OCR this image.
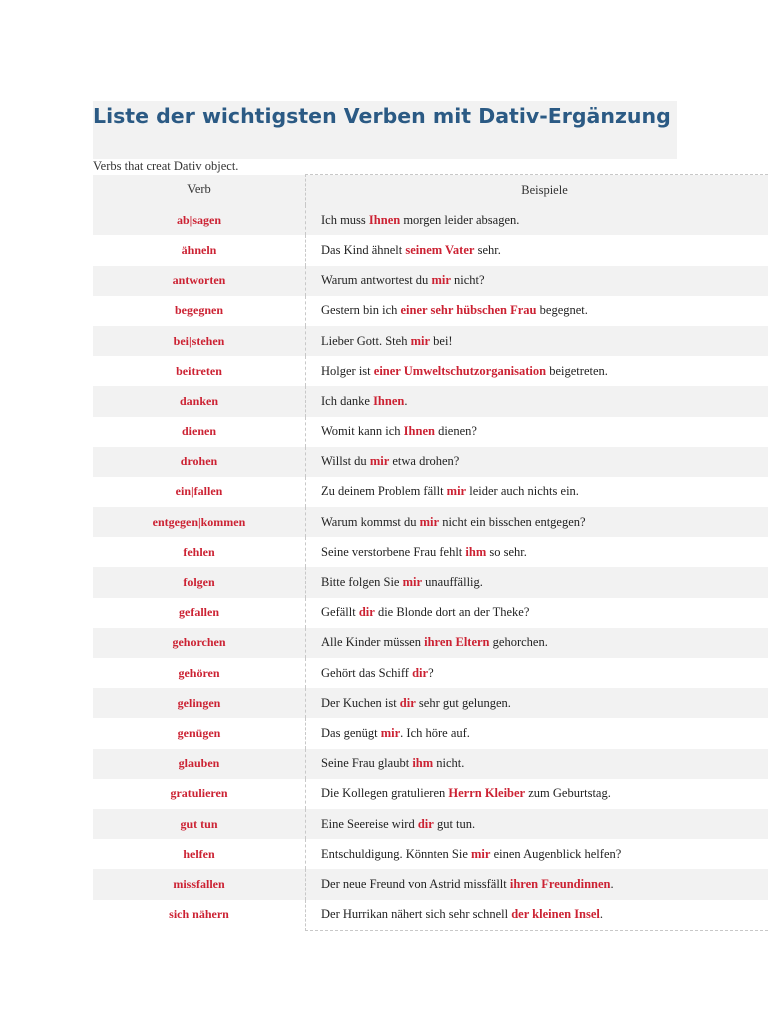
Liste der wichtigsten Verben mit Dativ-Ergänzung
Verbs that creat Dativ object.
Verb	Beispiele
ab|sagen	Ich muss Ihnen morgen leider absagen.
ähneln	Das Kind ähnelt seinem Vater sehr.
antworten	Warum antwortest du mir nicht?
begegnen	Gestern bin ich einer sehr hübschen Frau begegnet.
bei|stehen	Lieber Gott. Steh mir bei!
beitreten	Holger ist einer Umweltschutzorganisation beigetreten.
danken	Ich danke Ihnen.
dienen	Womit kann ich Ihnen dienen?
drohen	Willst du mir etwa drohen?
ein|fallen	Zu deinem Problem fällt mir leider auch nichts ein.
entgegen|kommen	Warum kommst du mir nicht ein bisschen entgegen?
fehlen	Seine verstorbene Frau fehlt ihm so sehr.
folgen	Bitte folgen Sie mir unauffällig.
gefallen	Gefällt dir die Blonde dort an der Theke?
gehorchen	Alle Kinder müssen ihren Eltern gehorchen.
gehören	Gehört das Schiff dir?
gelingen	Der Kuchen ist dir sehr gut gelungen.
genügen	Das genügt mir. Ich höre auf.
glauben	Seine Frau glaubt ihm nicht.
gratulieren	Die Kollegen gratulieren Herrn Kleiber zum Geburtstag.
gut tun	Eine Seereise wird dir gut tun.
helfen	Entschuldigung. Könnten Sie mir einen Augenblick helfen?
missfallen	Der neue Freund von Astrid missfällt ihren Freundinnen.
sich nähern	Der Hurrikan nähert sich sehr schnell der kleinen Insel.
